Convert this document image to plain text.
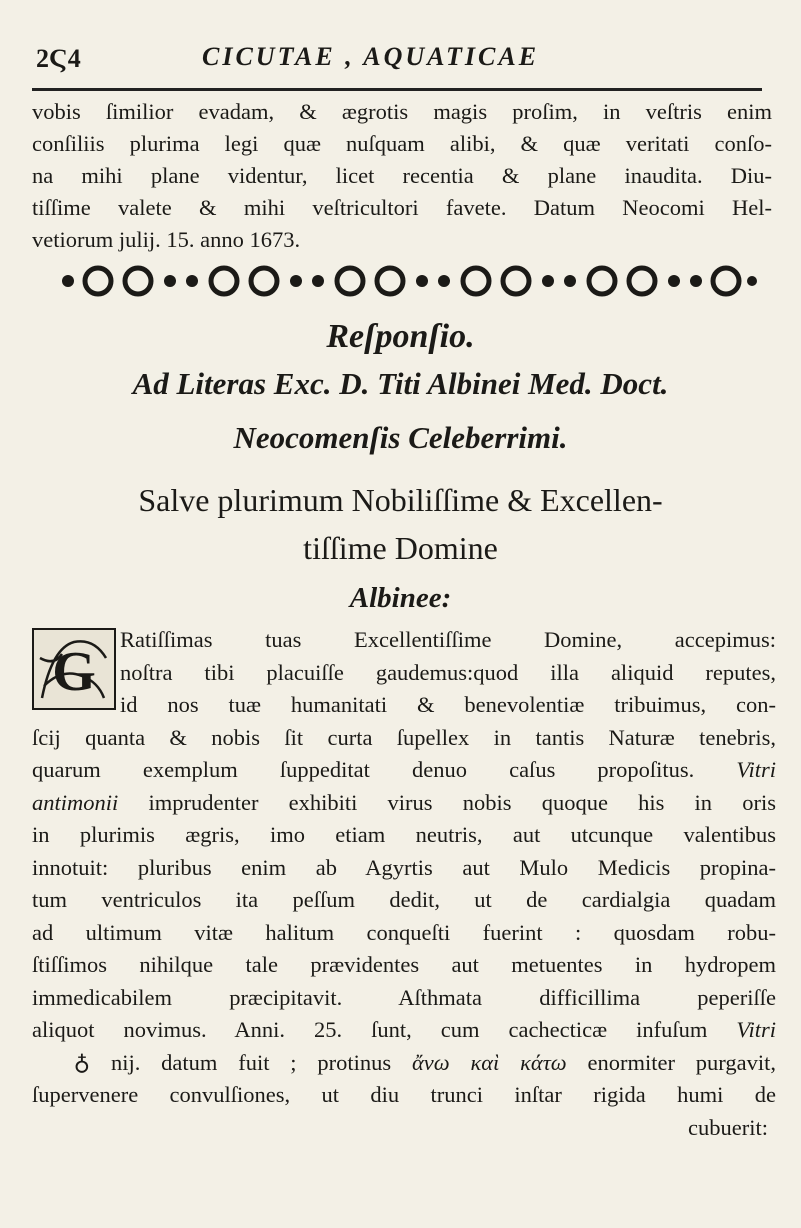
2Ϛ4	CICUTAE , AQUATICAE
vobis ſimilior evadam, & ægrotis magis proſim, in veſtris enim
conſiliis plurima legi quæ nuſquam alibi, & quæ veritati conſo-
na mihi plane videntur, licet recentia & plane inaudita. Diu-
tiſſime valete & mihi veſtricultori favete. Datum Neocomi Hel-
vetiorum julij. 15. anno 1673.
Reſponſio.
Ad Literas Exc. D. Titi Albinei Med. Doct.
Neocomenſis Celeberrimi.
Salve plurimum Nobiliſſime & Excellen-
tiſſime Domine
Albinee:
G
Ratiſſimas tuas Excellentiſſime Domine, accepimus:
noſtra tibi placuiſſe gaudemus:quod illa aliquid reputes,
id nos tuæ humanitati & benevolentiæ tribuimus, con-
ſcij quanta & nobis ſit curta ſupellex in tantis Naturæ tenebris,
quarum exemplum ſuppeditat denuo caſus propoſitus. Vitri
antimonii imprudenter exhibiti virus nobis quoque his in oris
in plurimis ægris, imo etiam neutris, aut utcunque valentibus
innotuit: pluribus enim ab Agyrtis aut Mulo Medicis propina-
tum ventriculos ita peſſum dedit, ut de cardialgia quadam
ad ultimum vitæ halitum conqueſti fuerint : quosdam robu-
ſtiſſimos nihilque tale prævidentes aut metuentes in hydropem
immedicabilem præcipitavit. Aſthmata difficillima peperiſſe
aliquot novimus. Anni. 25. ſunt, cum cachecticæ infuſum Vitri
♁ nij. datum fuit ; protinus ἄνω καὶ κάτω enormiter purgavit,
ſupervenere convulſiones, ut diu trunci inſtar rigida humi de
cubuerit:
